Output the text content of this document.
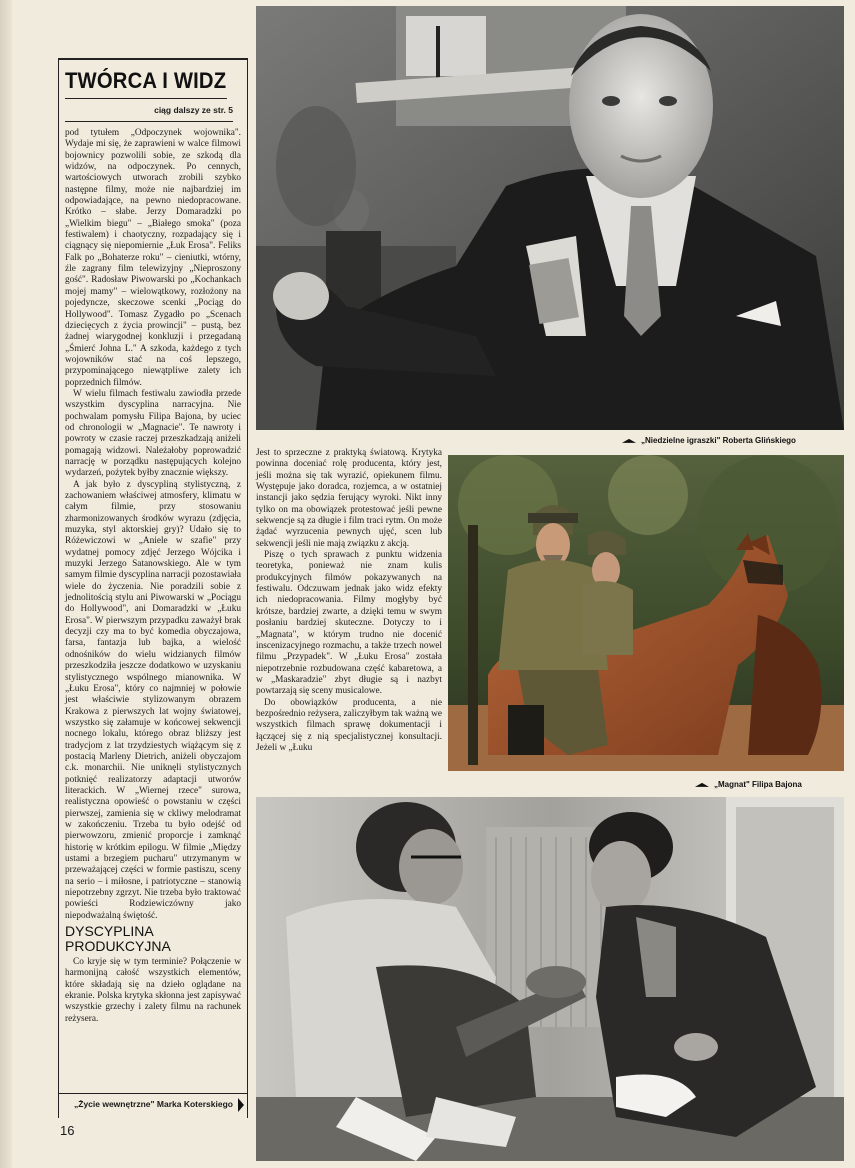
TWÓRCA I WIDZ
ciąg dalszy ze str. 5

pod tytułem „Odpoczynek wojownika". Wydaje mi się, że zaprawieni w walce filmowi bojownicy pozwolili sobie, ze szkodą dla widzów, na odpoczynek. Po cennych, wartościowych utworach zrobili szybko następne filmy, może nie najbardziej im odpowiadające, na pewno niedopracowane. Krótko – słabe. Jerzy Domaradzki po „Wielkim biegu" – „Białego smoka" (poza festiwalem) i chaotyczny, rozpadający się i ciągnący się niepomiernie „Łuk Erosa". Feliks Falk po „Bohaterze roku" – cieniutki, wtórny, źle zagrany film telewizyjny „Nieproszony gość". Radosław Piwowarski po „Kochankach mojej mamy" – wielowątkowy, rozłożony na pojedyncze, skeczowe scenki „Pociąg do Hollywood". Tomasz Zygadło po „Scenach dziecięcych z życia prowincji" – pustą, bez żadnej wiarygodnej konkluzji i przegadaną „Śmierć Johna L." A szkoda, każdego z tych wojowników stać na coś lepszego, przypominającego niewątpliwe zalety ich poprzednich filmów.

W wielu filmach festiwalu zawiodła przede wszystkim dyscyplina narracyjna. Nie pochwalam pomysłu Filipa Bajona, by uciec od chronologii w „Magnacie". Te nawroty i powroty w czasie raczej przeszkadzają aniżeli pomagają widzowi. Należałoby poprowadzić narrację w porządku następujących kolejno wydarzeń, pożytek byłby znacznie większy.

A jak było z dyscypliną stylistyczną, z zachowaniem właściwej atmosfery, klimatu w całym filmie, przy stosowaniu zharmonizowanych środków wyrazu (zdjęcia, muzyka, styl aktorskiej gry)? Udało się to Różewiczowi w „Aniele w szafie" przy wydatnej pomocy zdjęć Jerzego Wójcika i muzyki Jerzego Satanowskiego. Ale w tym samym filmie dyscyplina narracji pozostawiała wiele do życzenia. Nie poradzili sobie z jednolitością stylu ani Piwowarski w „Pociągu do Hollywood", ani Domaradzki w „Łuku Erosa". W pierwszym przypadku zaważył brak decyzji czy ma to być komedia obyczajowa, farsa, fantazja lub bajka, a wielość odnośników do wielu widzianych filmów przeszkodziła jeszcze dodatkowo w uzyskaniu stylistycznego wspólnego mianownika. W „Łuku Erosa", który co najmniej w połowie jest właściwie stylizowanym obrazem Krakowa z pierwszych lat wojny światowej, wszystko się załamuje w końcowej sekwencji nocnego lokalu, którego obraz bliższy jest tradycjom z lat trzydziestych wiążącym się z postacią Marleny Dietrich, aniżeli obyczajom c.k. monarchii. Nie uniknęli stylistycznych potknięć realizatorzy adaptacji utworów literackich. W „Wiernej rzece" surowa, realistyczna opowieść o powstaniu w części pierwszej, zamienia się w ckliwy melodramat w zakończeniu. Trzeba tu było odejść od pierwowzoru, zmienić proporcje i zamknąć historię w krótkim epilogu. W filmie „Między ustami a brzegiem pucharu" utrzymanym w przeważającej części w formie pastiszu, sceny na serio – i miłosne, i patriotyczne – stanowią niepotrzebny zgrzyt. Nie trzeba było traktować powieści Rodziewiczówny jako niepodważalną świętość.

DYSCYPLINA PRODUKCYJNA

Co kryje się w tym terminie? Połączenie w harmonijną całość wszystkich elementów, które składają się na dzieło oglądane na ekranie. Polska krytyka skłonna jest zapisywać wszystkie grzechy i zalety filmu na rachunek reżysera.

„Życie wewnętrzne" Marka Koterskiego
16
„Niedzielne igraszki" Roberta Glińskiego

Jest to sprzeczne z praktyką światową. Krytyka powinna doceniać rolę producenta, który jest, jeśli można się tak wyrazić, opiekunem filmu. Występuje jako doradca, rozjemca, a w ostatniej instancji jako sędzia ferujący wyroki. Nikt inny tylko on ma obowiązek protestować jeśli pewne sekwencje są za długie i film traci rytm. On może żądać wyrzucenia pewnych ujęć, scen lub sekwencji jeśli nie mają związku z akcją.

Piszę o tych sprawach z punktu widzenia teoretyka, ponieważ nie znam kulis produkcyjnych filmów pokazywanych na festiwalu. Odczuwam jednak jako widz efekty ich niedopracowania. Filmy mogłyby być krótsze, bardziej zwarte, a dzięki temu w swym posłaniu bardziej skuteczne. Dotyczy to i „Magnata", w którym trudno nie docenić inscenizacyjnego rozmachu, a także trzech nowel filmu „Przypadek". W „Łuku Erosa" została niepotrzebnie rozbudowana część kabaretowa, a w „Maskaradzie" zbyt długie są i nazbyt powtarzają się sceny musicalowe.

Do obowiązków producenta, a nie bezpośrednio reżysera, zaliczyłbym tak ważną we wszystkich filmach sprawę dokumentacji i łączącej się z nią specjalistycznej konsultacji. Jeżeli w „Łuku

„Magnat" Filipa Bajona
